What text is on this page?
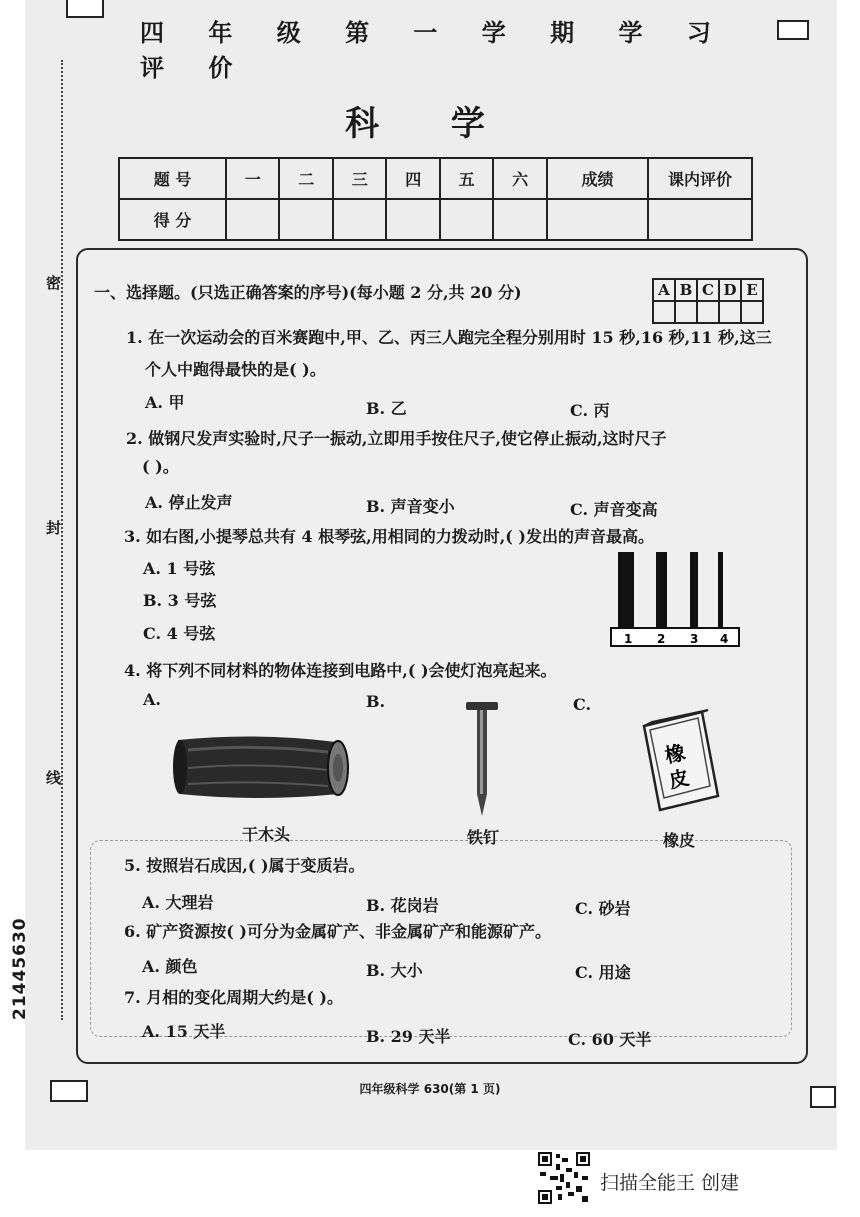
密
封
线
21445630
四 年 级 第 一 学 期 学 习 评 价
科 学
题 号	一	二	三	四	五	六	成绩	课内评价
得 分								
一、选择题。(只选正确答案的序号)(每小题 2 分,共 20 分)	A	B	C	D	E

1. 在一次运动会的百米赛跑中,甲、乙、丙三人跑完全程分别用时 15 秒,16 秒,11 秒,这三
个人中跑得最快的是( )。
A. 甲	B. 乙	C. 丙
2. 做钢尺发声实验时,尺子一振动,立即用手按住尺子,使它停止振动,这时尺子
( )。
A. 停止发声	B. 声音变小	C. 声音变高
3. 如右图,小提琴总共有 4 根琴弦,用相同的力拨动时,( )发出的声音最高。
A. 1 号弦
B. 3 号弦
C. 4 号弦	1 2 3 4
4. 将下列不同材料的物体连接到电路中,( )会使灯泡亮起来。
A.	B.	C.
橡
皮
干木头	铁钉	橡皮
5. 按照岩石成因,( )属于变质岩。
A. 大理岩	B. 花岗岩	C. 砂岩
6. 矿产资源按( )可分为金属矿产、非金属矿产和能源矿产。
A. 颜色	B. 大小	C. 用途
7. 月相的变化周期大约是( )。
A. 15 天半	B. 29 天半	C. 60 天半
四年级科学 630(第 1 页)
扫描全能王 创建
